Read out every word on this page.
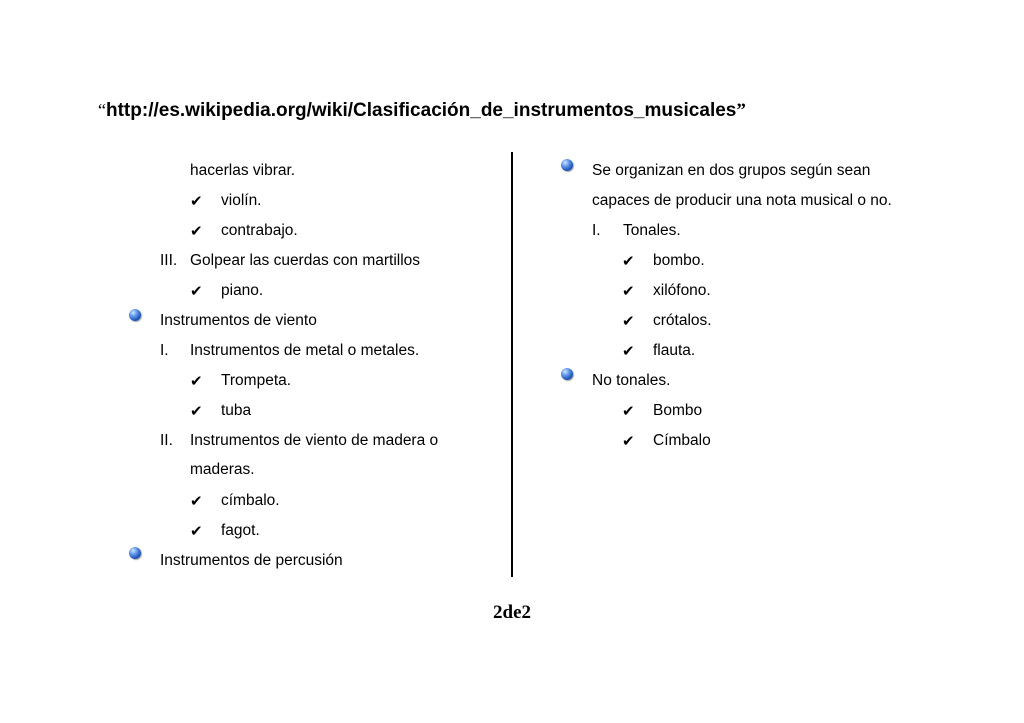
“http://es.wikipedia.org/wiki/Clasificación_de_instrumentos_musicales”
hacerlas vibrar.
✔ violín.
✔ contrabajo.
III. Golpear las cuerdas con martillos
✔ piano.
Instrumentos de viento
I. Instrumentos de metal o metales.
✔ Trompeta.
✔ tuba
II. Instrumentos de viento de madera o
maderas.
✔ címbalo.
✔ fagot.
Instrumentos de percusión
Se organizan en dos grupos según sean
capaces de producir una nota musical o no.
I. Tonales.
✔ bombo.
✔ xilófono.
✔ crótalos.
✔ flauta.
No tonales.
✔ Bombo
✔ Címbalo
2de2
